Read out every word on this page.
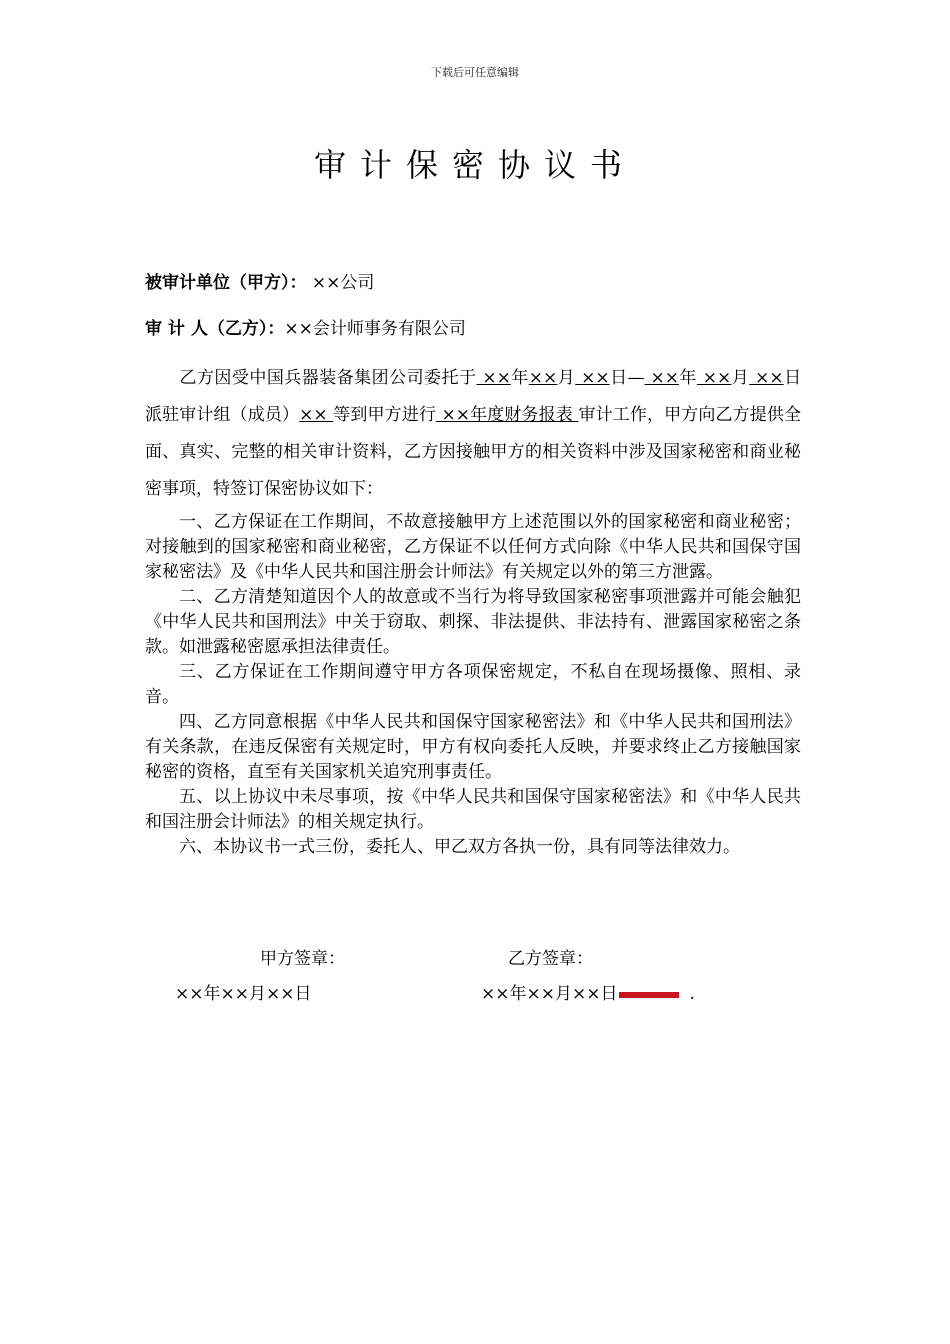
下载后可任意编辑
审计保密协议书
被审计单位（甲方）： ××公司
审 计 人（乙方）：××会计师事务有限公司
乙方因受中国兵器装备集团公司委托于 ××年××月 ××日— ××年 ××月 ××日派驻审计组（成员）×× 等到甲方进行 ××年度财务报表 审计工作，甲方向乙方提供全面、真实、完整的相关审计资料，乙方因接触甲方的相关资料中涉及国家秘密和商业秘密事项，特签订保密协议如下：

一、乙方保证在工作期间，不故意接触甲方上述范围以外的国家秘密和商业秘密；对接触到的国家秘密和商业秘密，乙方保证不以任何方式向除《中华人民共和国保守国家秘密法》及《中华人民共和国注册会计师法》有关规定以外的第三方泄露。

二、乙方清楚知道因个人的故意或不当行为将导致国家秘密事项泄露并可能会触犯《中华人民共和国刑法》中关于窃取、刺探、非法提供、非法持有、泄露国家秘密之条款。如泄露秘密愿承担法律责任。

三、乙方保证在工作期间遵守甲方各项保密规定，不私自在现场摄像、照相、录音。

四、乙方同意根据《中华人民共和国保守国家秘密法》和《中华人民共和国刑法》有关条款，在违反保密有关规定时，甲方有权向委托人反映，并要求终止乙方接触国家秘密的资格，直至有关国家机关追究刑事责任。

五、以上协议中未尽事项，按《中华人民共和国保守国家秘密法》和《中华人民共和国注册会计师法》的相关规定执行。

六、本协议书一式三份，委托人、甲乙双方各执一份，具有同等法律效力。

甲方签章：	乙方签章：
××年××月××日	××年××月××日	.
